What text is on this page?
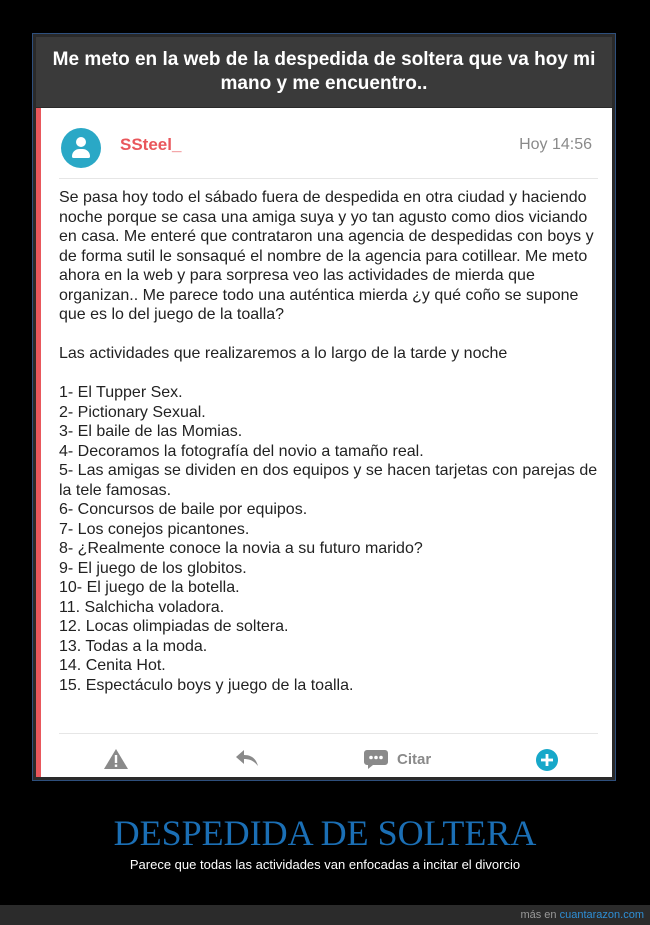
Me meto en la web de la despedida de soltera que va hoy mi mano y me encuentro..
SSteel_	Hoy 14:56

Se pasa hoy todo el sábado fuera de despedida en otra ciudad y haciendo noche porque se casa una amiga suya y yo tan agusto como dios viciando en casa. Me enteré que contrataron una agencia de despedidas con boys y de forma sutil le sonsaqué el nombre de la agencia para cotillear. Me meto ahora en la web y para sorpresa veo las actividades de mierda que organizan.. Me parece todo una auténtica mierda ¿y qué coño se supone que es lo del juego de la toalla?

Las actividades que realizaremos a lo largo de la tarde y noche

1- El Tupper Sex.
2- Pictionary Sexual.
3- El baile de las Momias.
4- Decoramos la fotografía del novio a tamaño real.
5- Las amigas se dividen en dos equipos y se hacen tarjetas con parejas de la tele famosas.
6- Concursos de baile por equipos.
7- Los conejos picantones.
8- ¿Realmente conoce la novia a su futuro marido?
9- El juego de los globitos.
10- El juego de la botella.
11. Salchicha voladora.
12. Locas olimpiadas de soltera.
13. Todas a la moda.
14. Cenita Hot.
15. Espectáculo boys y juego de la toalla.
Citar
DESPEDIDA DE SOLTERA
Parece que todas las actividades van enfocadas a incitar el divorcio
más en cuantarazon.com
